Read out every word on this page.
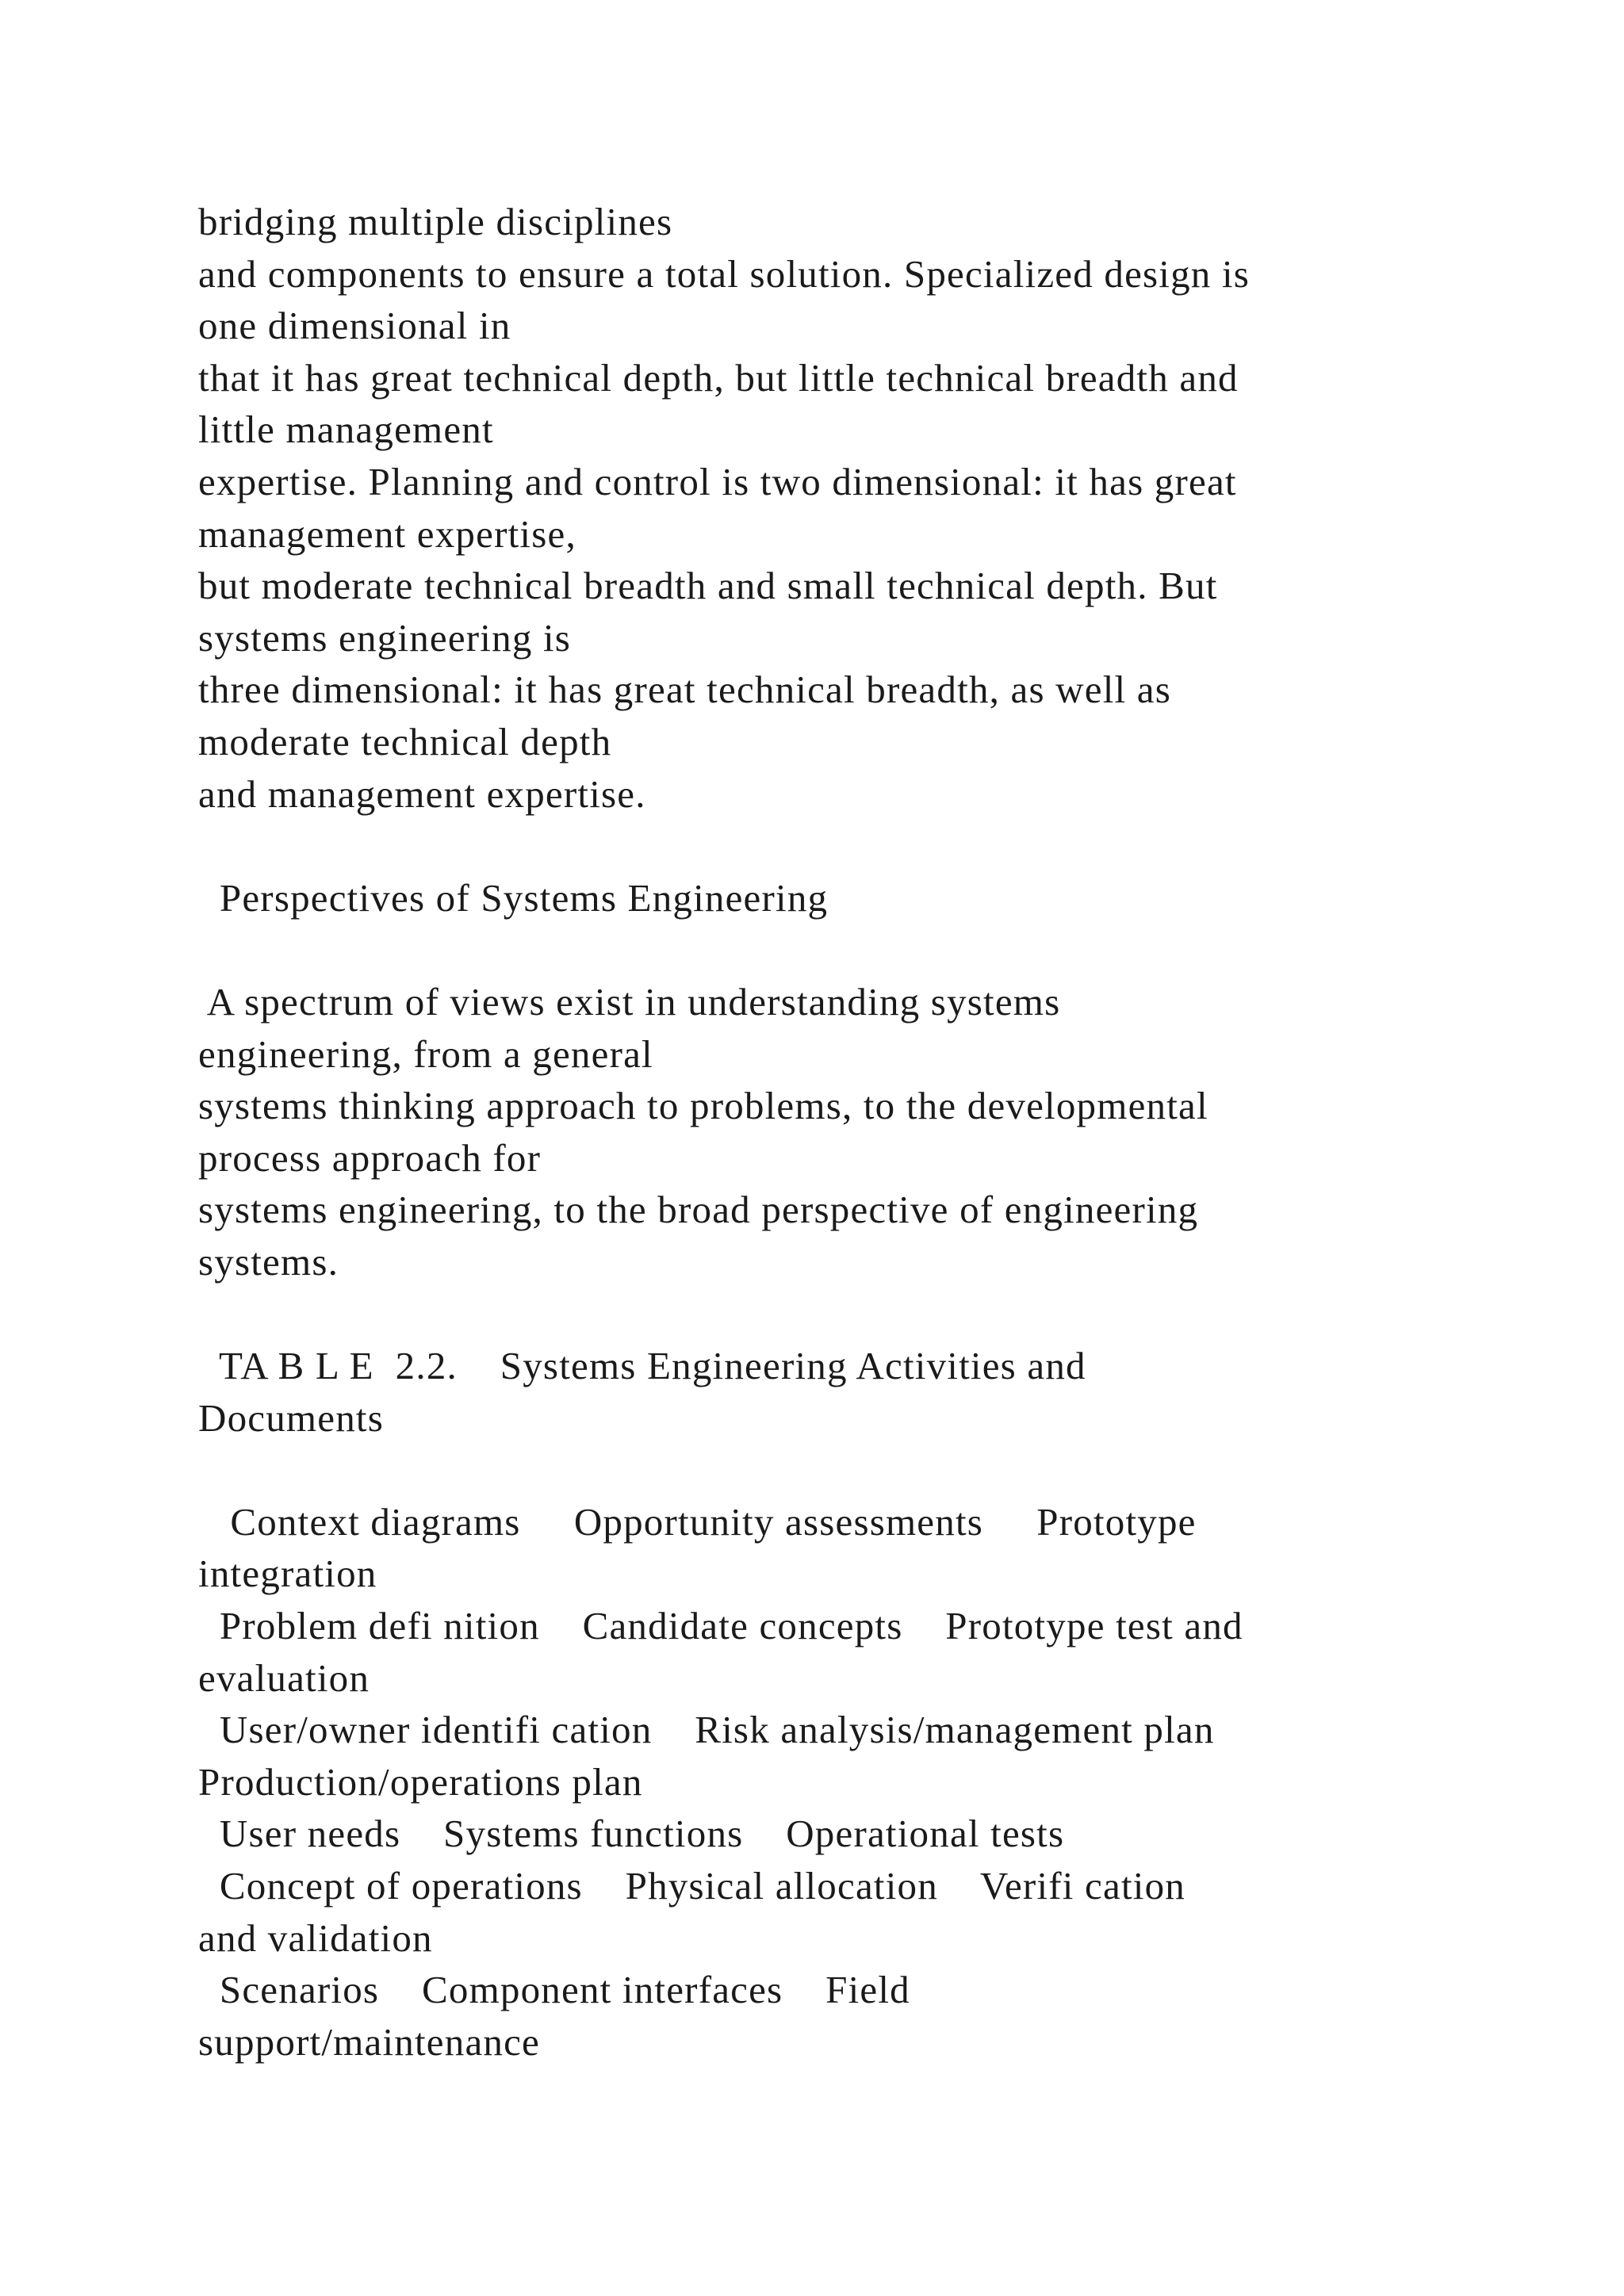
bridging multiple disciplines
and components to ensure a total solution. Specialized design is
one dimensional in
that it has great technical depth, but little technical breadth and
little management
expertise. Planning and control is two dimensional: it has great
management expertise,
but moderate technical breadth and small technical depth. But
systems engineering is
three dimensional: it has great technical breadth, as well as
moderate technical depth
and management expertise.
Perspectives of Systems Engineering
A spectrum of views exist in understanding systems
engineering, from a general
systems thinking approach to problems, to the developmental
process approach for
systems engineering, to the broad perspective of engineering
systems.
TA B L E  2.2.    Systems Engineering Activities and
Documents
Context diagrams     Opportunity assessments     Prototype
integration
Problem defi nition    Candidate concepts    Prototype test and
evaluation
User/owner identifi cation    Risk analysis/management plan
Production/operations plan
User needs    Systems functions    Operational tests
Concept of operations    Physical allocation    Verifi cation
and validation
Scenarios    Component interfaces    Field
support/maintenance
